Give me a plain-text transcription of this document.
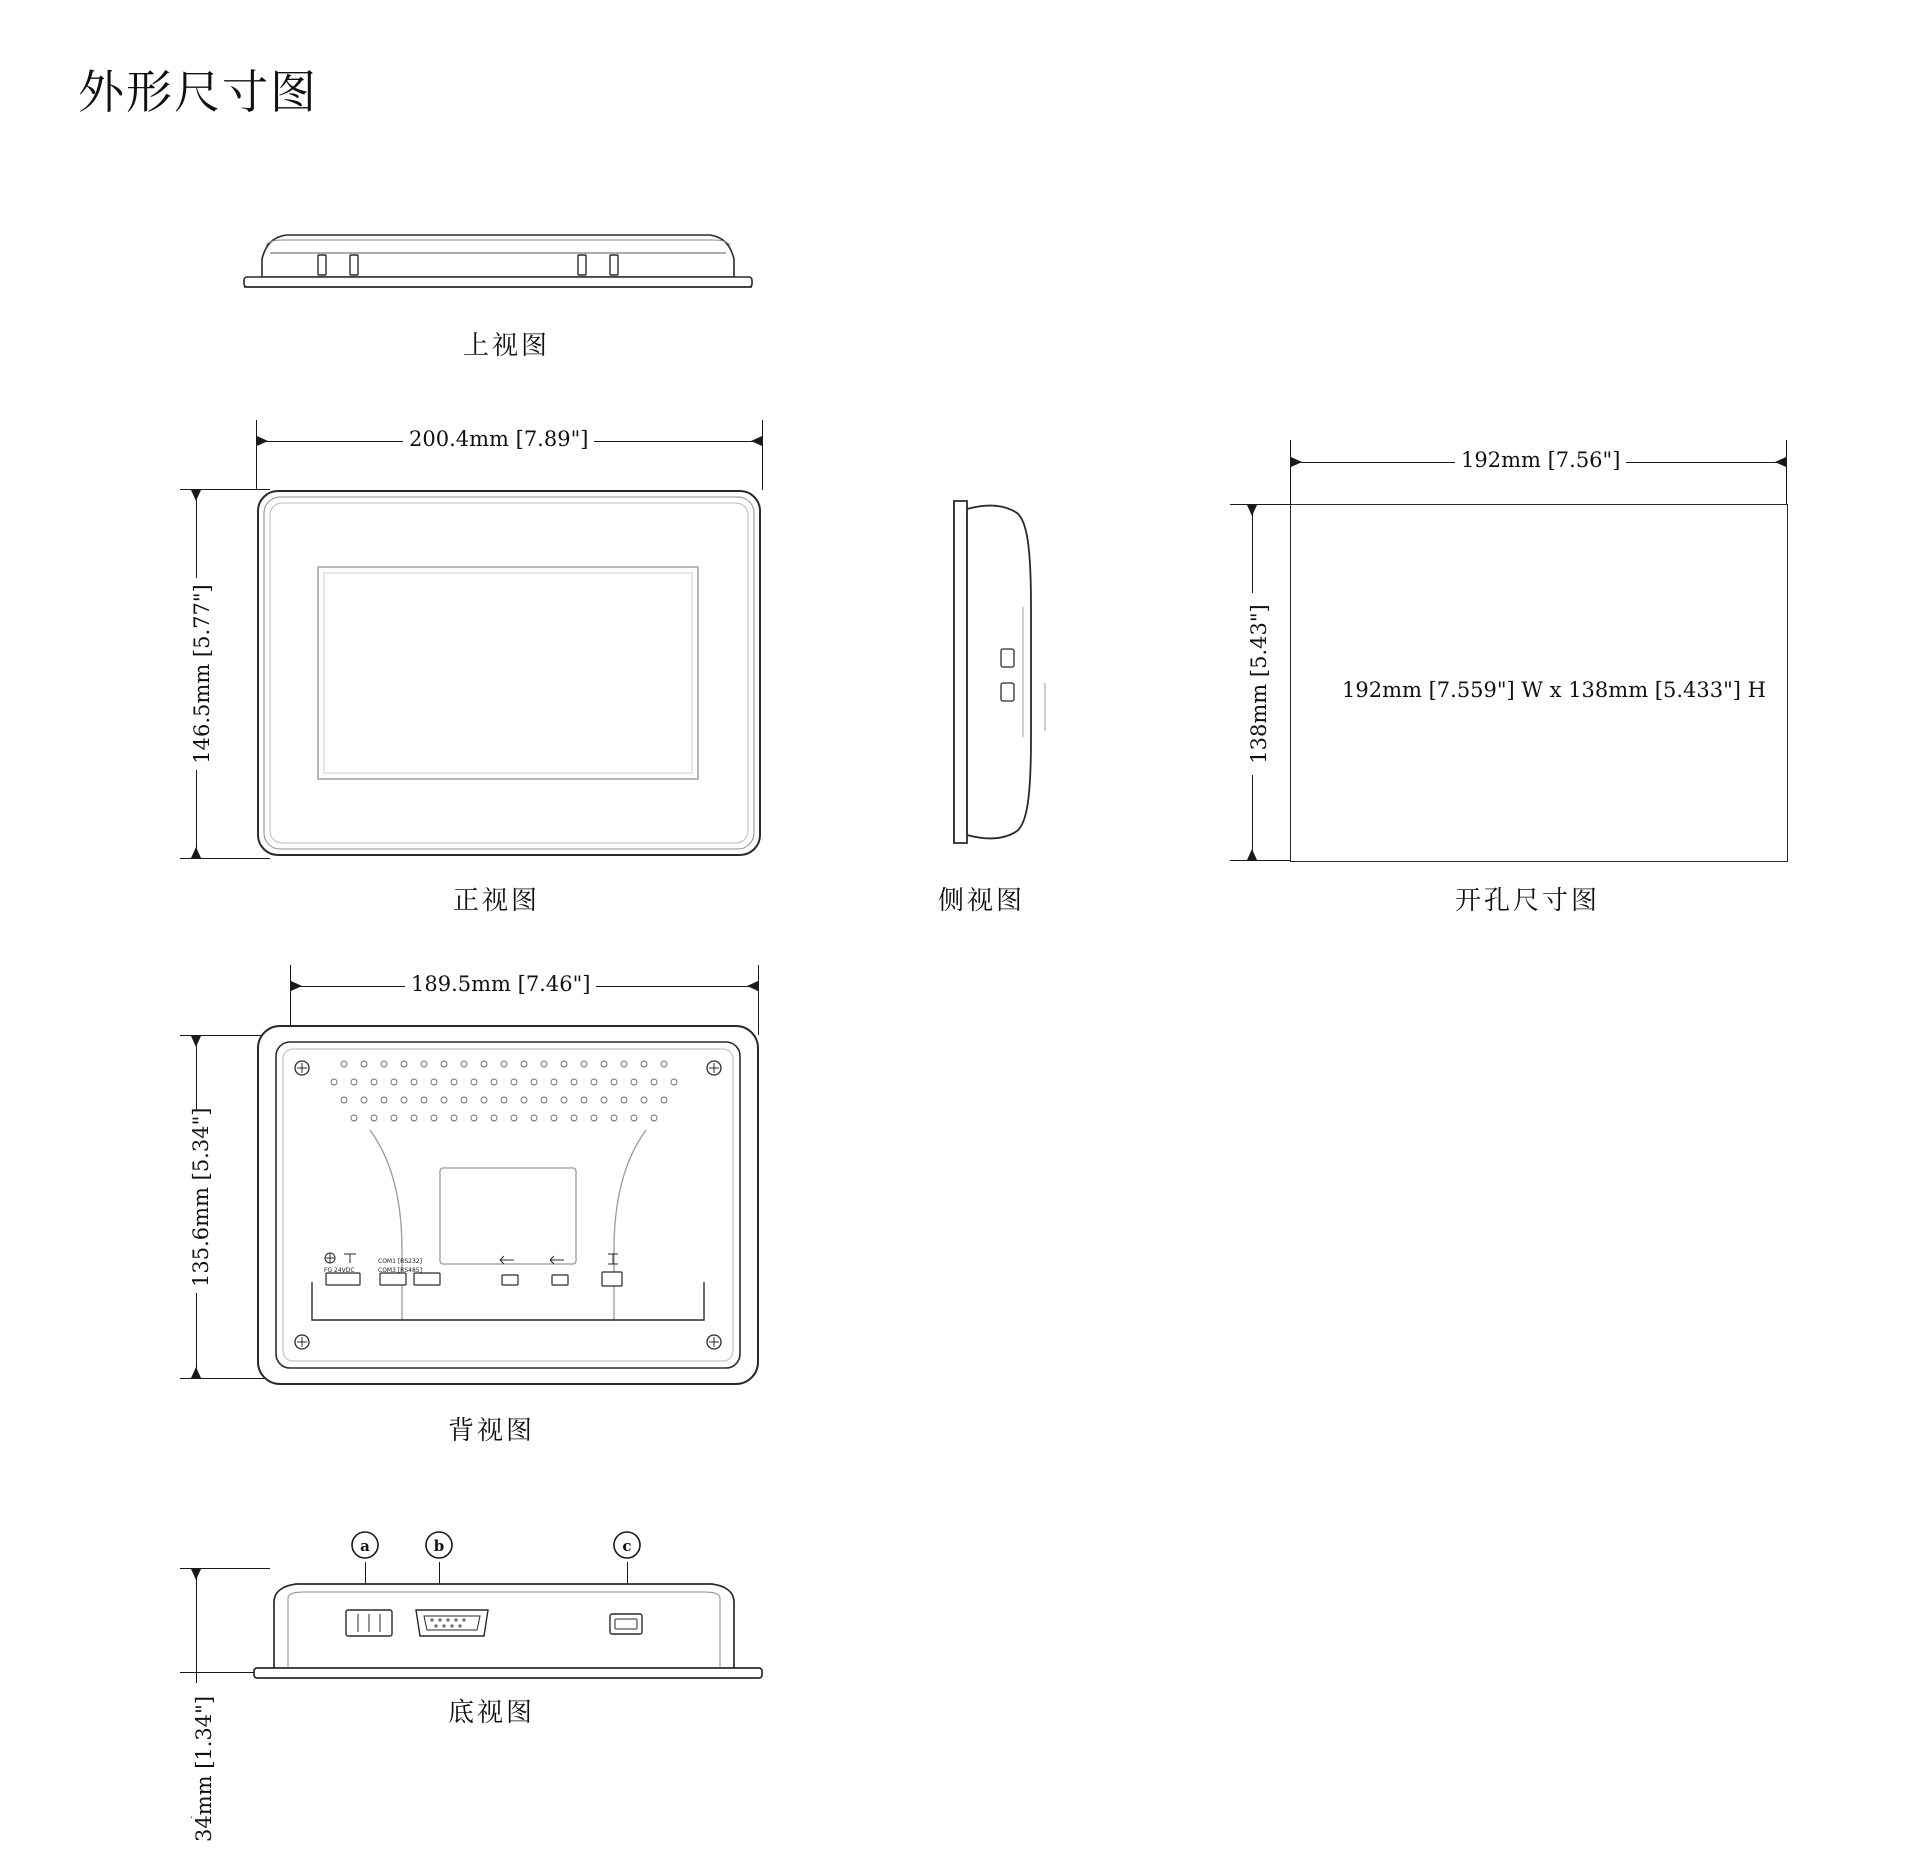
外形尺寸图
上视图
200.4mm [7.89"]
146.5mm [5.77"]
正视图	侧视图
192mm [7.56"]
138mm [5.43"]	192mm [7.559"] W x 138mm [5.433"] H
开孔尺寸图
189.5mm [7.46"]
135.6mm [5.34"]	FG 24VDC
COM1 [RS232]
COM3 [RS485]
背视图
34mm [1.34"]
a	b	c
底视图
